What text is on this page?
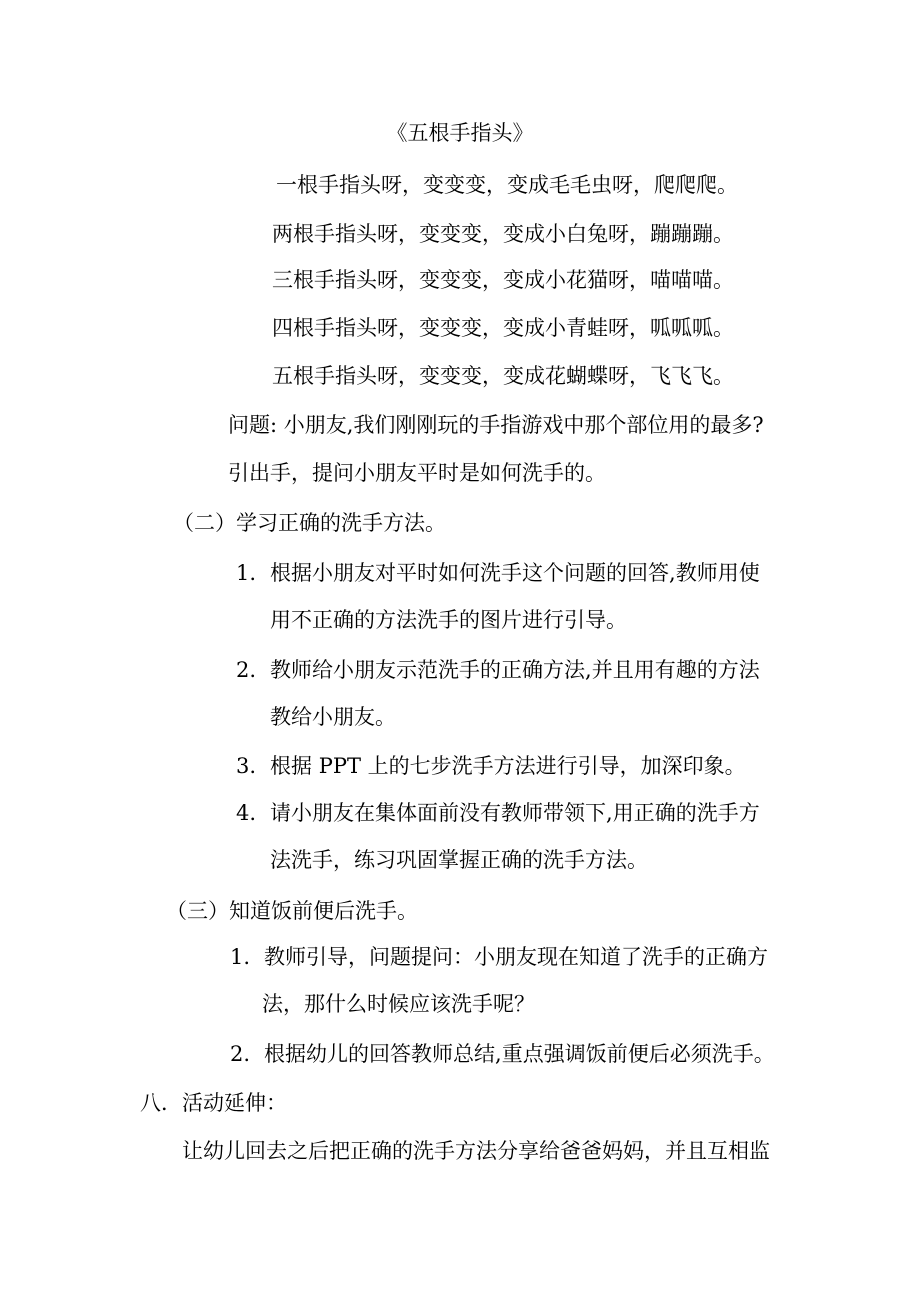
《五根手指头》
一根手指头呀，变变变，变成毛毛虫呀，爬爬爬。
两根手指头呀，变变变，变成小白兔呀，蹦蹦蹦。
三根手指头呀，变变变，变成小花猫呀，喵喵喵。
四根手指头呀，变变变，变成小青蛙呀，呱呱呱。
五根手指头呀，变变变，变成花蝴蝶呀，飞飞飞。
问题: 小朋友,我们刚刚玩的手指游戏中那个部位用的最多?
引出手，提问小朋友平时是如何洗手的。
（二）学习正确的洗手方法。
1. 根据小朋友对平时如何洗手这个问题的回答,教师用使
用不正确的方法洗手的图片进行引导。
2. 教师给小朋友示范洗手的正确方法,并且用有趣的方法
教给小朋友。
3. 根据 PPT 上的七步洗手方法进行引导，加深印象。
4. 请小朋友在集体面前没有教师带领下,用正确的洗手方
法洗手，练习巩固掌握正确的洗手方法。
（三）知道饭前便后洗手。
1. 教师引导，问题提问：小朋友现在知道了洗手的正确方
法，那什么时候应该洗手呢？
2. 根据幼儿的回答教师总结,重点强调饭前便后必须洗手。
八．活动延伸：
让幼儿回去之后把正确的洗手方法分享给爸爸妈妈，并且互相监
